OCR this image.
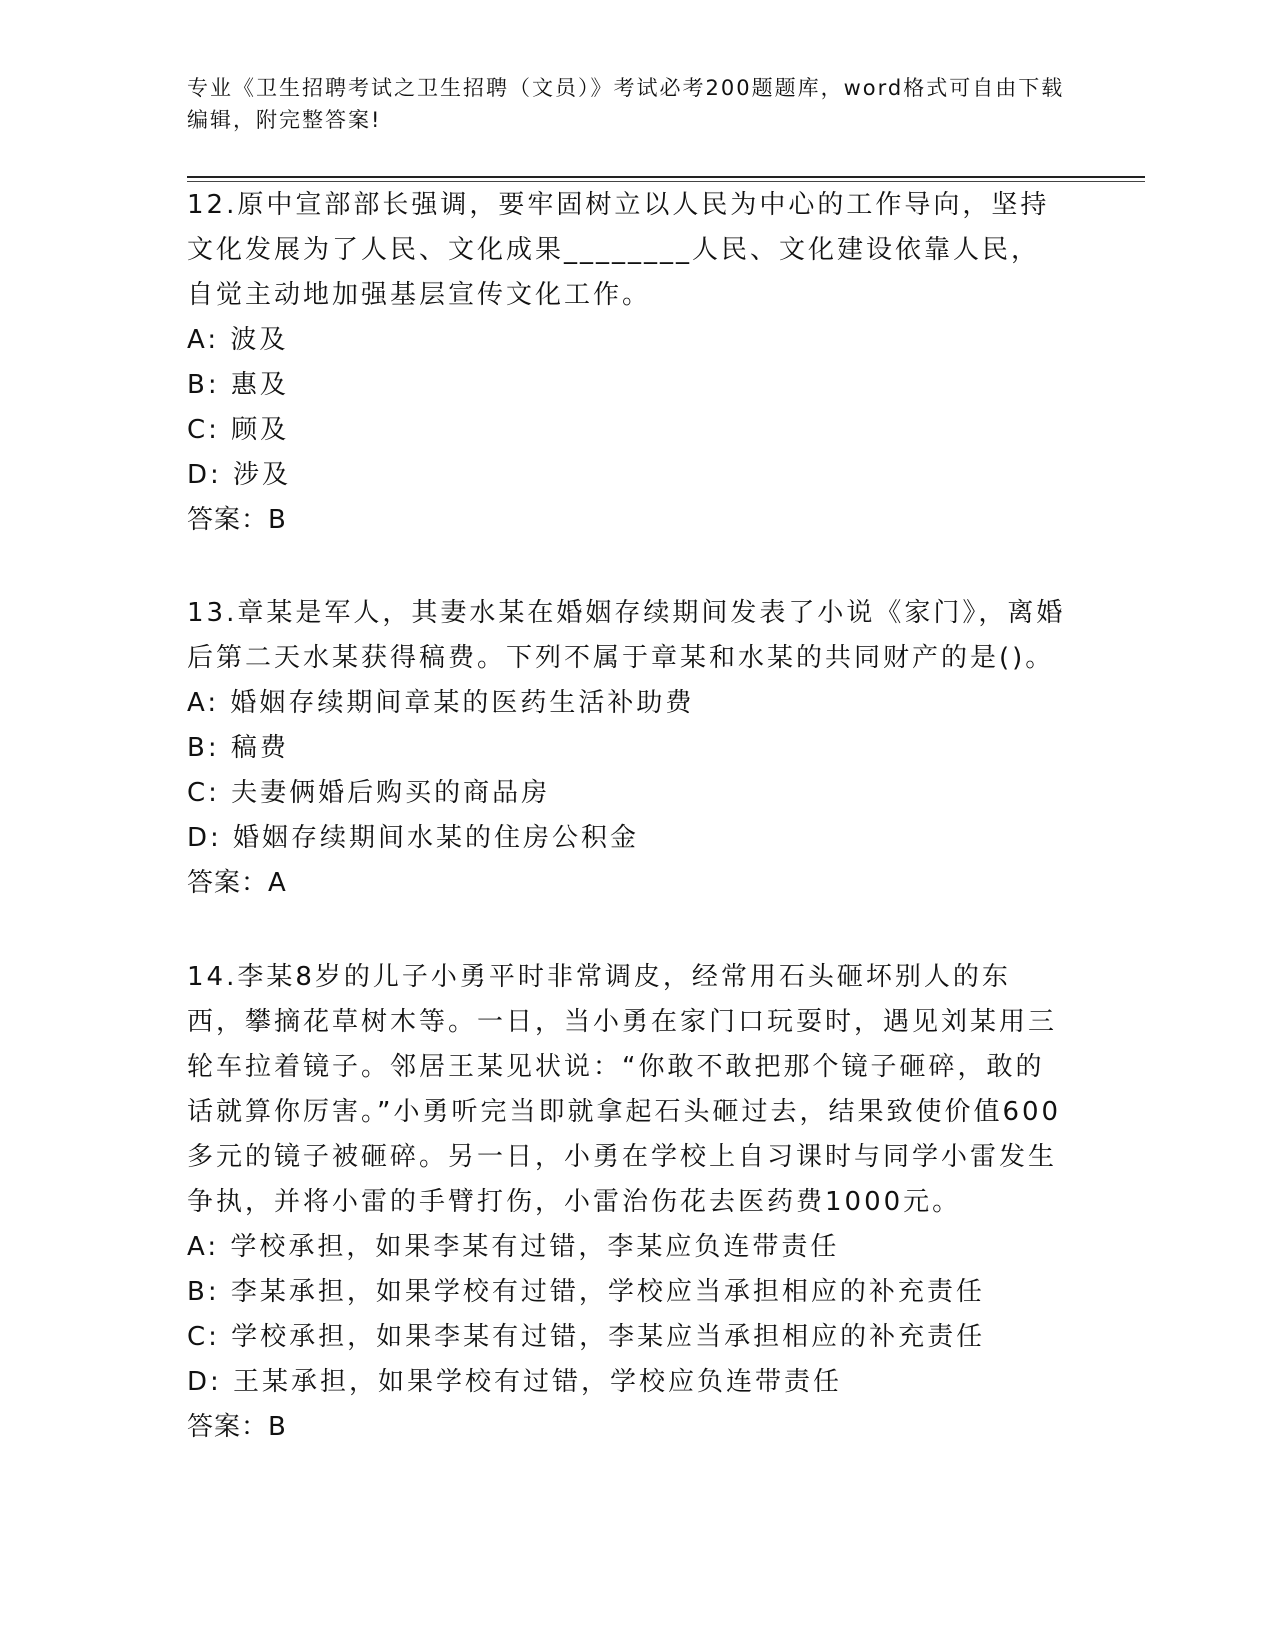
专业《卫生招聘考试之卫生招聘（文员）》考试必考200题题库，word格式可自由下载编辑，附完整答案!
12.原中宣部部长强调，要牢固树立以人民为中心的工作导向，坚持文化发展为了人民、文化成果________人民、文化建设依靠人民，自觉主动地加强基层宣传文化工作。
A: 波及
B: 惠及
C: 顾及
D: 涉及
答案：B
13.章某是军人，其妻水某在婚姻存续期间发表了小说《家门》，离婚后第二天水某获得稿费。下列不属于章某和水某的共同财产的是()。
A: 婚姻存续期间章某的医药生活补助费
B: 稿费
C: 夫妻俩婚后购买的商品房
D: 婚姻存续期间水某的住房公积金
答案：A
14.李某8岁的儿子小勇平时非常调皮，经常用石头砸坏别人的东西，攀摘花草树木等。一日，当小勇在家门口玩耍时，遇见刘某用三轮车拉着镜子。邻居王某见状说：“你敢不敢把那个镜子砸碎，敢的话就算你厉害。”小勇听完当即就拿起石头砸过去，结果致使价值600多元的镜子被砸碎。另一日，小勇在学校上自习课时与同学小雷发生争执，并将小雷的手臂打伤，小雷治伤花去医药费1000元。
A: 学校承担，如果李某有过错，李某应负连带责任
B: 李某承担，如果学校有过错，学校应当承担相应的补充责任
C: 学校承担，如果李某有过错，李某应当承担相应的补充责任
D: 王某承担，如果学校有过错，学校应负连带责任
答案：B
